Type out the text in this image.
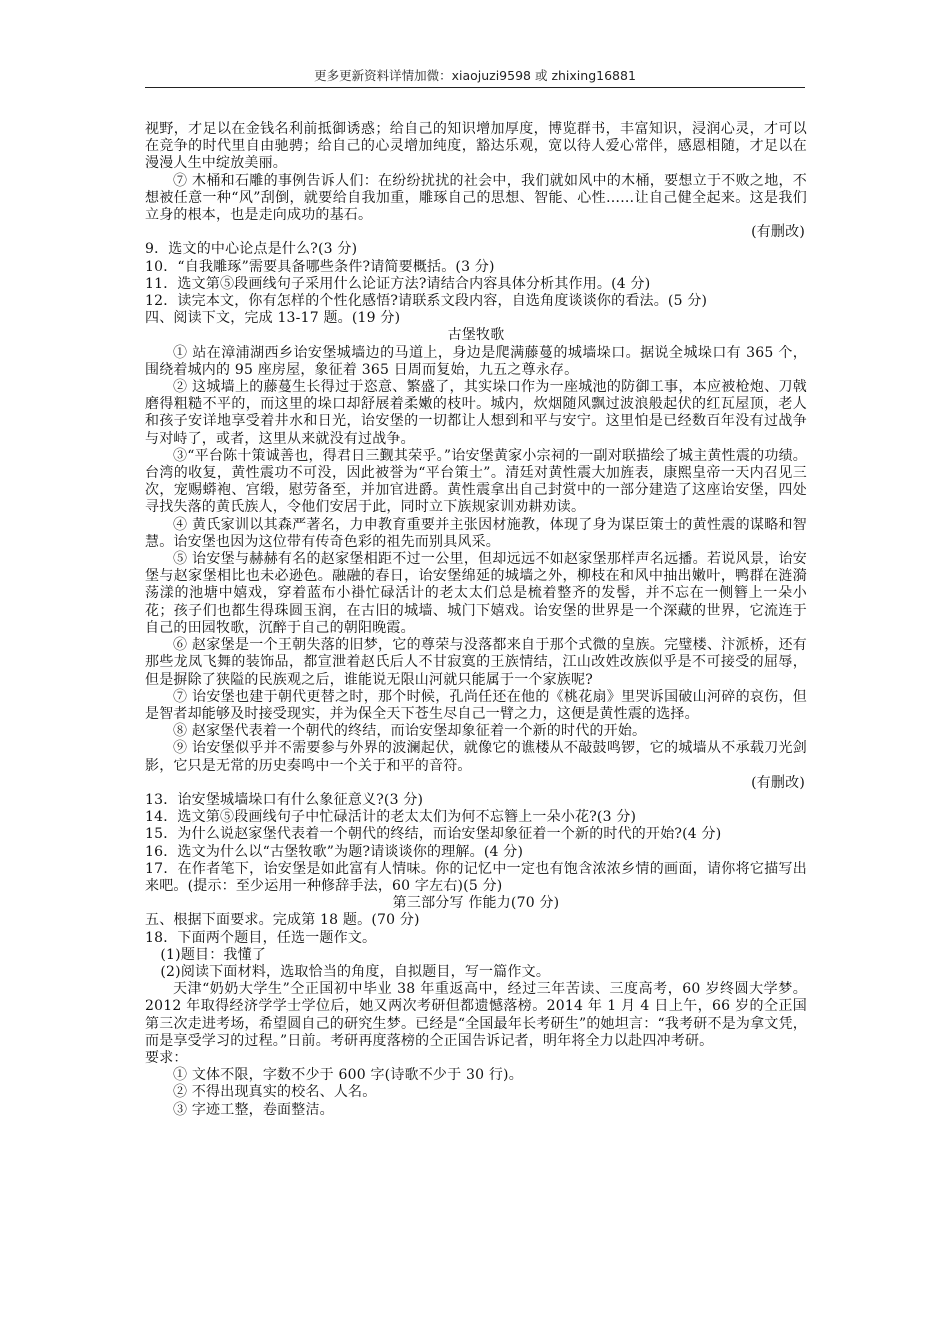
更多更新资料详情加微：xiaojuzi9598 或 zhixing16881

视野，才足以在金钱名利前抵御诱惑；给自己的知识增加厚度，博览群书，丰富知识，浸润心灵，才可以在竞争的时代里自由驰骋；给自己的心灵增加纯度，豁达乐观，宽以待人爱心常伴，感恩相随，才足以在漫漫人生中绽放美丽。

⑦ 木桶和石雕的事例告诉人们：在纷纷扰扰的社会中，我们就如风中的木桶，要想立于不败之地，不想被任意一种“风”刮倒，就要给自我加重，雕琢自己的思想、智能、心性……让自己健全起来。这是我们立身的根本，也是走向成功的基石。

(有删改)

9．选文的中心论点是什么?(3 分)

10．“自我雕琢”需要具备哪些条件?请简要概括。(3 分)

11．选文第⑤段画线句子采用什么论证方法?请结合内容具体分析其作用。(4 分)

12．读完本文，你有怎样的个性化感悟?请联系文段内容，自选角度谈谈你的看法。(5 分)

四、阅读下文，完成 13-17 题。(19 分)

古堡牧歌

① 站在漳浦湖西乡诒安堡城墙边的马道上，身边是爬满藤蔓的城墙垛口。据说全城垛口有 365 个，围绕着城内的 95 座房屋，象征着 365 日周而复始，九五之尊永存。

② 这城墙上的藤蔓生长得过于恣意、繁盛了，其实垛口作为一座城池的防御工事，本应被枪炮、刀戟磨得粗糙不平的，而这里的垛口却舒展着柔嫩的枝叶。城内，炊烟随风飘过波浪般起伏的红瓦屋顶，老人和孩子安详地享受着井水和日光，诒安堡的一切都让人想到和平与安宁。这里怕是已经数百年没有过战争与对峙了，或者，这里从来就没有过战争。

③“平台陈十策诚善也，得君日三觐其荣乎。”诒安堡黄家小宗祠的一副对联描绘了城主黄性震的功绩。台湾的收复，黄性震功不可没，因此被誉为“平台策士”。清廷对黄性震大加旌表，康熙皇帝一天内召见三次，宠赐蟒袍、宫缎，慰劳备至，并加官进爵。黄性震拿出自己封赏中的一部分建造了这座诒安堡，四处寻找失落的黄氏族人，令他们安居于此，同时立下族规家训劝耕劝读。

④ 黄氏家训以其森严著名，力申教育重要并主张因材施教，体现了身为谋臣策士的黄性震的谋略和智慧。诒安堡也因为这位带有传奇色彩的祖先而别具风采。

⑤ 诒安堡与赫赫有名的赵家堡相距不过一公里，但却远远不如赵家堡那样声名远播。若说风景，诒安堡与赵家堡相比也未必逊色。融融的春日，诒安堡绵延的城墙之外，柳枝在和风中抽出嫩叶，鸭群在涟漪荡漾的池塘中嬉戏，穿着蓝布小褂忙碌活计的老太太们总是梳着整齐的发髻，并不忘在一侧簪上一朵小花；孩子们也都生得珠圆玉润，在古旧的城墙、城门下嬉戏。诒安堡的世界是一个深藏的世界，它流连于自己的田园牧歌，沉醉于自己的朝阳晚霞。

⑥ 赵家堡是一个王朝失落的旧梦，它的尊荣与没落都来自于那个式微的皇族。完璧楼、汴派桥，还有那些龙凤飞舞的装饰品，都宣泄着赵氏后人不甘寂寞的王族情结，江山改姓改族似乎是不可接受的屈辱，但是摒除了狭隘的民族观之后，谁能说无限山河就只能属于一个家族呢?

⑦ 诒安堡也建于朝代更替之时，那个时候，孔尚任还在他的《桃花扇》里哭诉国破山河碎的哀伤，但是智者却能够及时接受现实，并为保全天下苍生尽自己一臂之力，这便是黄性震的选择。

⑧ 赵家堡代表着一个朝代的终结，而诒安堡却象征着一个新的时代的开始。

⑨ 诒安堡似乎并不需要参与外界的波澜起伏，就像它的谯楼从不敲鼓鸣锣，它的城墙从不承载刀光剑影，它只是无常的历史奏鸣中一个关于和平的音符。

(有删改)

13．诒安堡城墙垛口有什么象征意义?(3 分)

14．选文第⑤段画线句子中忙碌活计的老太太们为何不忘簪上一朵小花?(3 分)

15．为什么说赵家堡代表着一个朝代的终结，而诒安堡却象征着一个新的时代的开始?(4 分)

16．选文为什么以“古堡牧歌”为题?请谈谈你的理解。(4 分)

17．在作者笔下，诒安堡是如此富有人情味。你的记忆中一定也有饱含浓浓乡情的画面，请你将它描写出来吧。(提示：至少运用一种修辞手法，60 字左右)(5 分)

第三部分写 作能力(70 分)

五、根据下面要求。完成第 18 题。(70 分)

18．下面两个题目，任选一题作文。

(1)题目：我懂了

(2)阅读下面材料，选取恰当的角度，自拟题目，写一篇作文。

天津“奶奶大学生”仝正国初中毕业 38 年重返高中，经过三年苦读、三度高考，60 岁终圆大学梦。2012 年取得经济学学士学位后，她又两次考研但都遗憾落榜。2014 年 1 月 4 日上午，66 岁的仝正国第三次走进考场，希望圆自己的研究生梦。已经是“全国最年长考研生”的她坦言：“我考研不是为拿文凭，而是享受学习的过程。”日前。考研再度落榜的仝正国告诉记者，明年将全力以赴四冲考研。

要求：

① 文体不限，字数不少于 600 字(诗歌不少于 30 行)。

② 不得出现真实的校名、人名。

③ 字迹工整，卷面整洁。
